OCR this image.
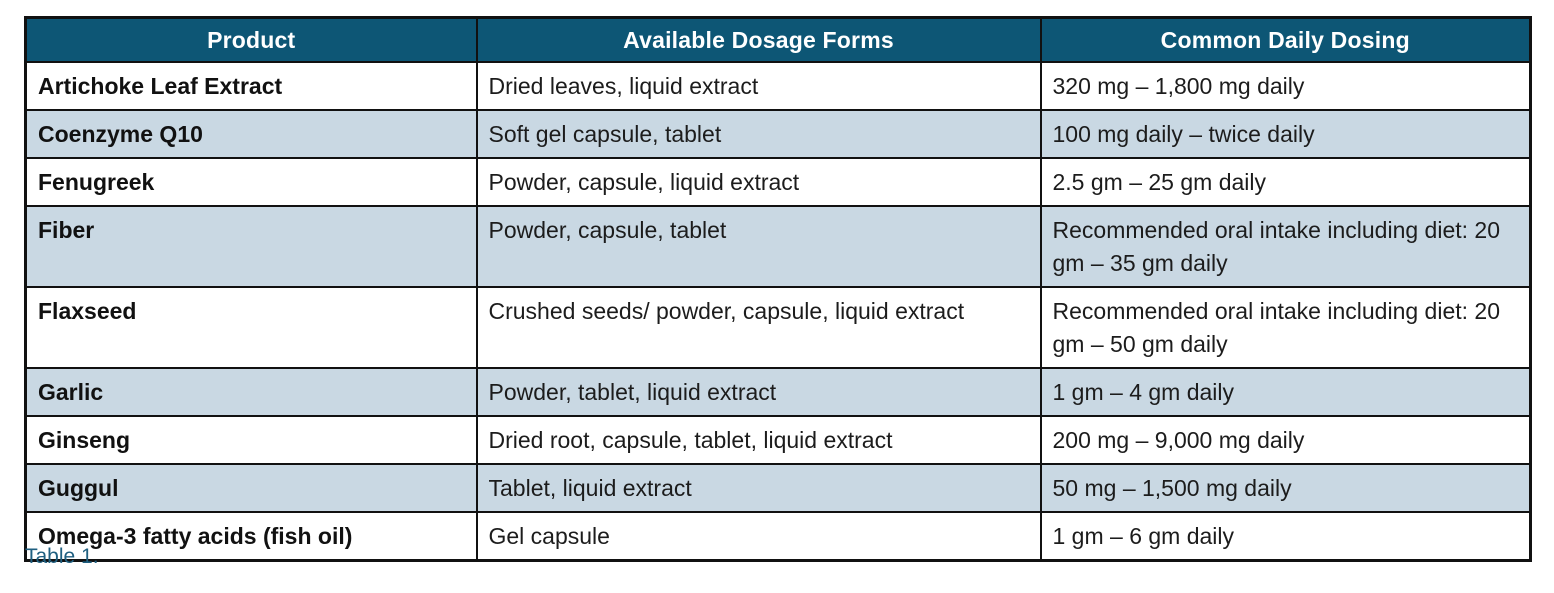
Product	Available Dosage Forms	Common Daily Dosing
Artichoke Leaf Extract	Dried leaves, liquid extract	320 mg – 1,800 mg daily
Coenzyme Q10	Soft gel capsule, tablet	100 mg daily – twice daily
Fenugreek	Powder, capsule, liquid extract	2.5 gm – 25 gm daily
Fiber	Powder, capsule, tablet	Recommended oral intake including diet: 20 gm – 35 gm daily
Flaxseed	Crushed seeds/ powder, capsule, liquid extract	Recommended oral intake including diet: 20 gm – 50 gm daily
Garlic	Powder, tablet, liquid extract	1 gm – 4 gm daily
Ginseng	Dried root, capsule, tablet, liquid extract	200 mg – 9,000 mg daily
Guggul	Tablet, liquid extract	50 mg – 1,500 mg daily
Omega-3 fatty acids (fish oil)	Gel capsule	1 gm – 6 gm daily
Table 1.
